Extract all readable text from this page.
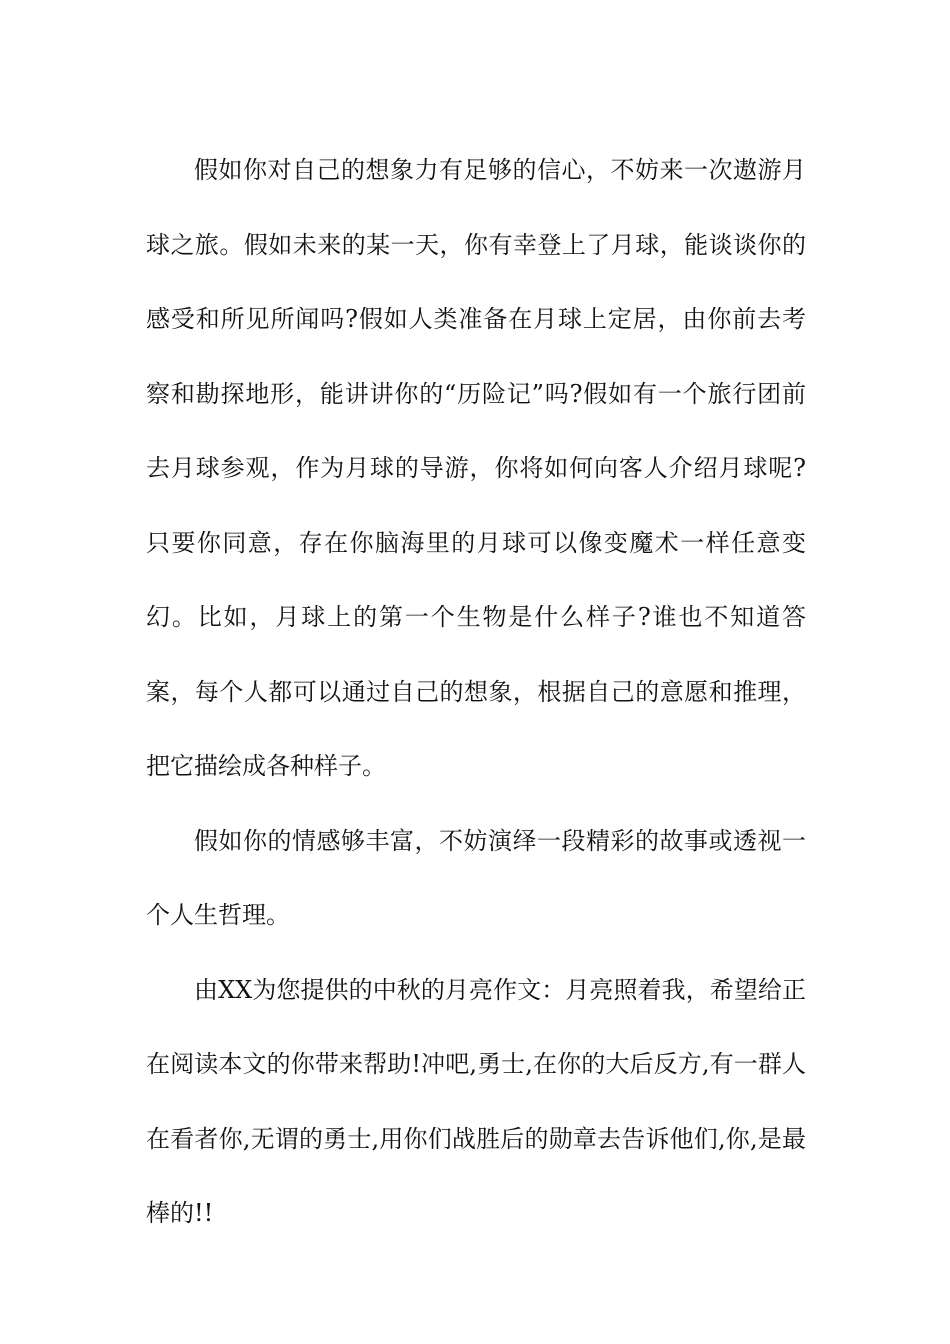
假如你对自己的想象力有足够的信心，不妨来一次遨游月球之旅。假如未来的某一天，你有幸登上了月球，能谈谈你的感受和所见所闻吗?假如人类准备在月球上定居，由你前去考察和勘探地形，能讲讲你的“历险记”吗?假如有一个旅行团前去月球参观，作为月球的导游，你将如何向客人介绍月球呢?只要你同意，存在你脑海里的月球可以像变魔术一样任意变幻。比如，月球上的第一个生物是什么样子?谁也不知道答案，每个人都可以通过自己的想象，根据自己的意愿和推理，把它描绘成各种样子。

假如你的情感够丰富，不妨演绎一段精彩的故事或透视一个人生哲理。

由XX为您提供的中秋的月亮作文：月亮照着我，希望给正在阅读本文的你带来帮助!冲吧,勇士,在你的大后反方,有一群人在看者你,无谓的勇士,用你们战胜后的勋章去告诉他们,你,是最棒的!!
